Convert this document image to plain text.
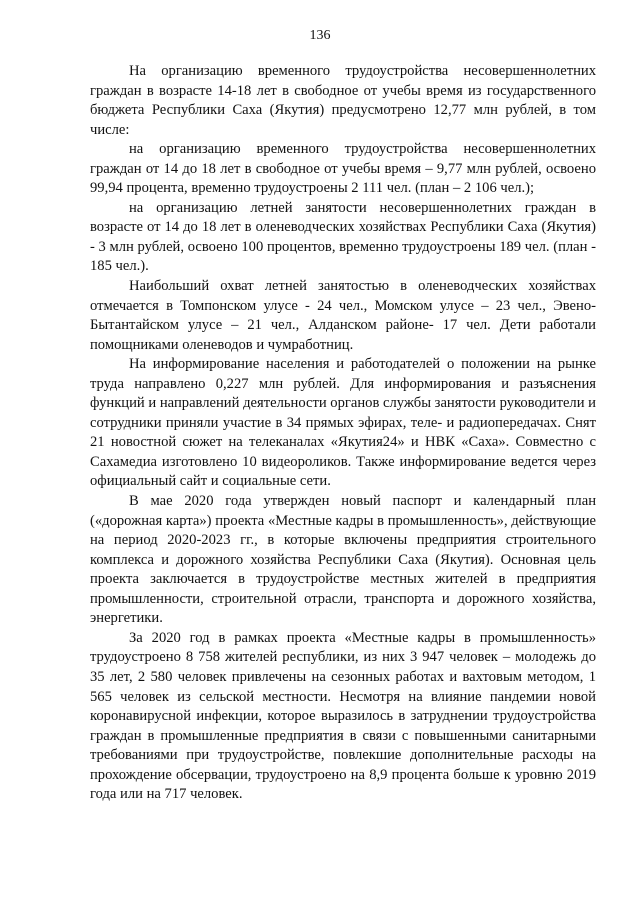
136

На организацию временного трудоустройства несовершеннолетних граждан в возрасте 14-18 лет в свободное от учебы время из государственного бюджета Республики Саха (Якутия) предусмотрено 12,77 млн рублей, в том числе:

на организацию временного трудоустройства несовершеннолетних граждан от 14 до 18 лет в свободное от учебы время – 9,77 млн рублей, освоено 99,94 процента, временно трудоустроены 2 111 чел. (план – 2 106 чел.);

на организацию летней занятости несовершеннолетних граждан в возрасте от 14 до 18 лет в оленеводческих хозяйствах Республики Саха (Якутия) - 3 млн рублей, освоено 100 процентов, временно трудоустроены 189 чел. (план - 185 чел.).

Наибольший охват летней занятостью в оленеводческих хозяйствах отмечается в Томпонском улусе - 24 чел., Момском улусе – 23 чел., Эвено-Бытантайском улусе – 21 чел., Алданском районе- 17 чел. Дети работали помощниками оленеводов и чумработниц.

На информирование населения и работодателей о положении на рынке труда направлено 0,227 млн рублей. Для информирования и разъяснения функций и направлений деятельности органов службы занятости руководители и сотрудники приняли участие в 34 прямых эфирах, теле- и радиопередачах. Снят 21 новостной сюжет на телеканалах «Якутия24» и НВК «Саха». Совместно с Сахамедиа изготовлено 10 видеороликов. Также информирование ведется через официальный сайт и социальные сети.

В мае 2020 года утвержден новый паспорт и календарный план («дорожная карта») проекта «Местные кадры в промышленность», действующие на период 2020-2023 гг., в которые включены предприятия строительного комплекса и дорожного хозяйства Республики Саха (Якутия). Основная цель проекта заключается в трудоустройстве местных жителей в предприятия промышленности, строительной отрасли, транспорта и дорожного хозяйства, энергетики.

За 2020 год в рамках проекта «Местные кадры в промышленность» трудоустроено 8 758 жителей республики, из них 3 947 человек – молодежь до 35 лет, 2 580 человек привлечены на сезонных работах и вахтовым методом, 1 565 человек из сельской местности. Несмотря на влияние пандемии новой коронавирусной инфекции, которое выразилось в затруднении трудоустройства граждан в промышленные предприятия в связи с повышенными санитарными требованиями при трудоустройстве, повлекшие дополнительные расходы на прохождение обсервации, трудоустроено на 8,9 процента больше к уровню 2019 года или на 717 человек.
